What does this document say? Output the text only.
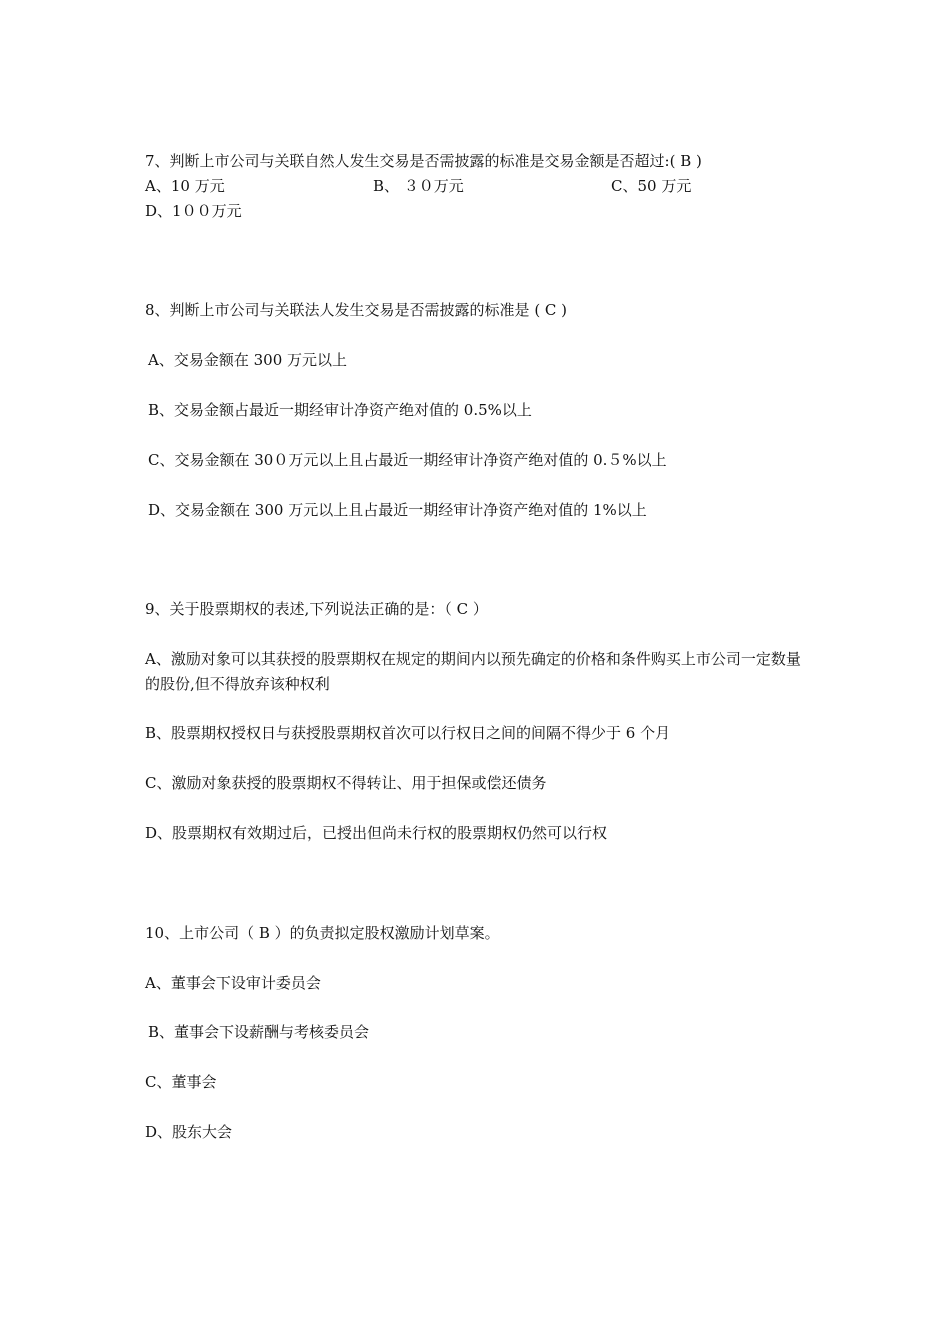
7、判断上市公司与关联自然人发生交易是否需披露的标准是交易金额是否超过:( B )
A、10 万元	B、 ３０万元	C、50 万元
D、1００万元
8、判断上市公司与关联法人发生交易是否需披露的标准是 ( C )
A、交易金额在 300 万元以上
B、交易金额占最近一期经审计净资产绝对值的 0.5%以上
C、交易金额在 30０万元以上且占最近一期经审计净资产绝对值的 0.５%以上
D、交易金额在 300 万元以上且占最近一期经审计净资产绝对值的 1%以上
9、关于股票期权的表述,下列说法正确的是：（ C ）
A、激励对象可以其获授的股票期权在规定的期间内以预先确定的价格和条件购买上市公司一定数量的股份,但不得放弃该种权利
B、股票期权授权日与获授股票期权首次可以行权日之间的间隔不得少于 6 个月
C、激励对象获授的股票期权不得转让、用于担保或偿还债务
D、股票期权有效期过后，已授出但尚未行权的股票期权仍然可以行权
10、上市公司（ B ）的负责拟定股权激励计划草案。
A、董事会下设审计委员会
B、董事会下设薪酬与考核委员会
C、董事会
D、股东大会
